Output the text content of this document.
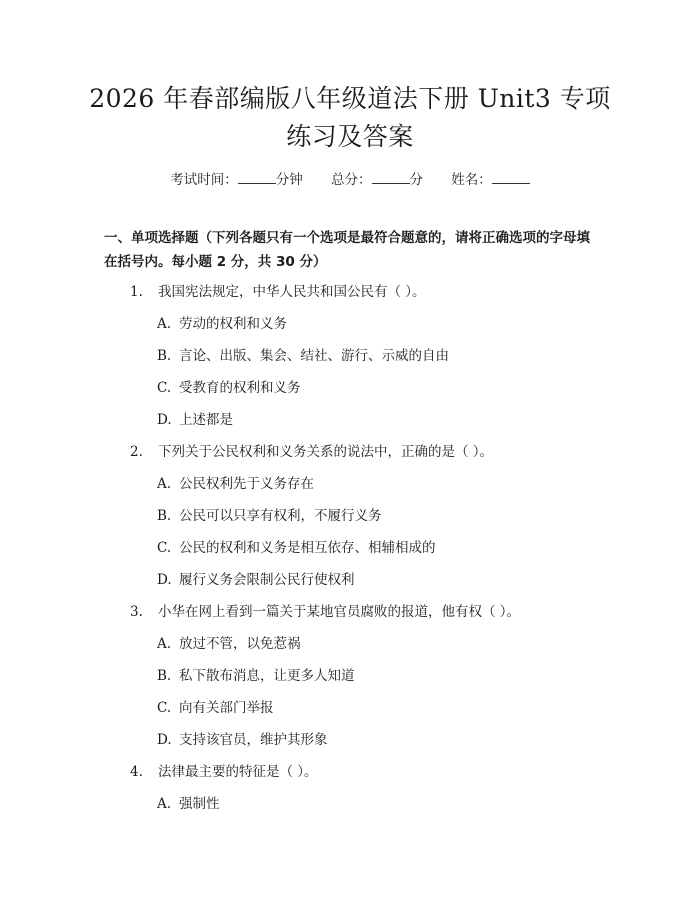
2026 年春部编版八年级道法下册 Unit3 专项
练习及答案
考试时间：	分钟 总分：	分 姓名：
一、单项选择题（下列各题只有一个选项是最符合题意的，请将正确选项的字母填在括号内。每小题 2 分，共 30 分）
1. 我国宪法规定，中华人民共和国公民有（ ）。
A. 劳动的权利和义务
B. 言论、出版、集会、结社、游行、示威的自由
C. 受教育的权利和义务
D. 上述都是
2. 下列关于公民权利和义务关系的说法中，正确的是（ ）。
A. 公民权利先于义务存在
B. 公民可以只享有权利，不履行义务
C. 公民的权利和义务是相互依存、相辅相成的
D. 履行义务会限制公民行使权利
3. 小华在网上看到一篇关于某地官员腐败的报道，他有权（ ）。
A. 放过不管，以免惹祸
B. 私下散布消息，让更多人知道
C. 向有关部门举报
D. 支持该官员，维护其形象
4. 法律最主要的特征是（ ）。
A. 强制性
